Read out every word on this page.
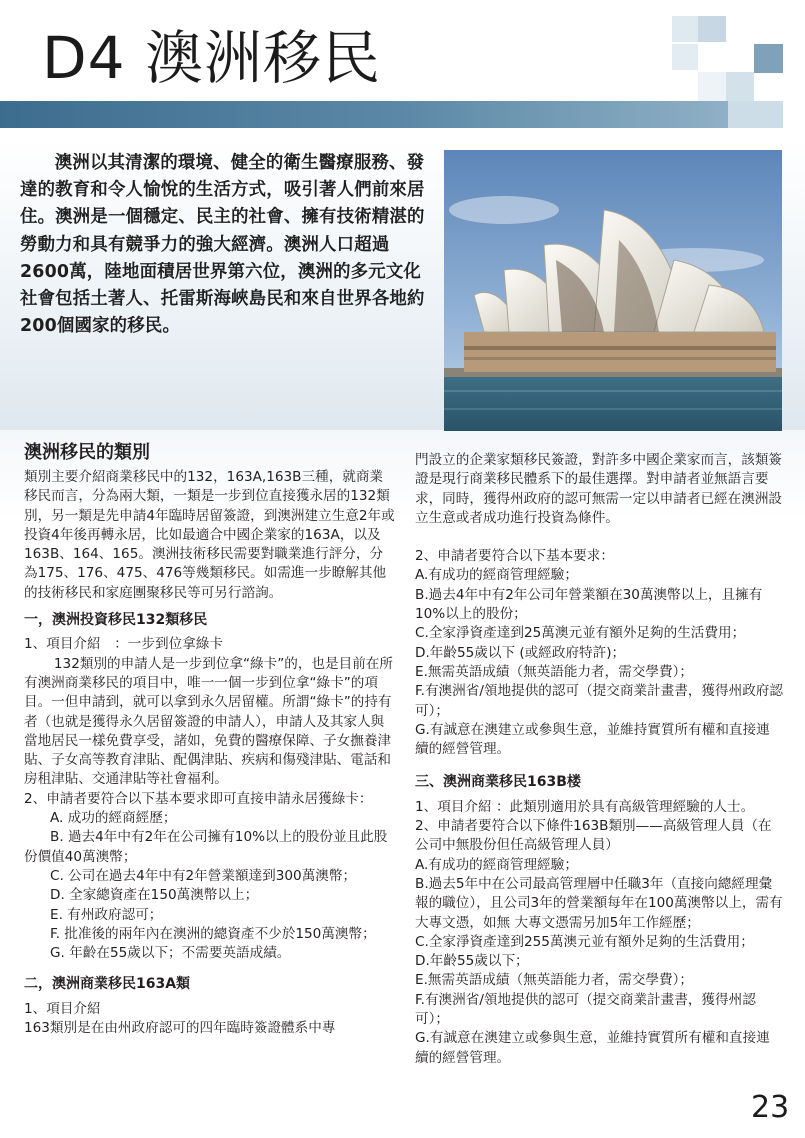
D4 澳洲移民

澳洲以其清潔的環境、健全的衛生醫療服務、發達的教育和令人愉悅的生活方式，吸引著人們前來居住。澳洲是一個穩定、民主的社會、擁有技術精湛的勞動力和具有競爭力的強大經濟。澳洲人口超過2600萬，陸地面積居世界第六位，澳洲的多元文化社會包括土著人、托雷斯海峽島民和來自世界各地約200個國家的移民。

澳洲移民的類別

類別主要介紹商業移民中的132，163A,163B三種，就商業移民而言，分為兩大類，一類是一步到位直接獲永居的132類別，另一類是先申請4年臨時居留簽證，到澳洲建立生意2年或投資4年後再轉永居，比如最適合中國企業家的163A，以及163B、164、165。澳洲技術移民需要對職業進行評分，分為175、176、475、476等幾類移民。如需進一步瞭解其他的技術移民和家庭團聚移民等可另行諮詢。

一，澳洲投資移民132類移民

1、項目介紹　：一步到位拿綠卡

132類別的申請人是一步到位拿“綠卡”的，也是目前在所有澳洲商業移民的項目中，唯一一個一步到位拿“綠卡”的項目。一但申請到，就可以拿到永久居留權。所謂“綠卡”的持有者（也就是獲得永久居留簽證的申請人），申請人及其家人與當地居民一樣免費享受，諸如，免費的醫療保障、子女撫養津貼、子女高等教育津貼、配偶津貼、疾病和傷殘津貼、電話和房租津貼、交通津貼等社會福利。

2、申請者要符合以下基本要求即可直接申請永居獲綠卡：

A. 成功的經商經歷；

B. 過去4年中有2年在公司擁有10%以上的股份並且此股份價值40萬澳幣；

C. 公司在過去4年中有2年營業額達到300萬澳幣；

D. 全家總資產在150萬澳幣以上；

E. 有州政府認可；

F. 批准後的兩年內在澳洲的總資產不少於150萬澳幣；

G. 年齡在55歲以下；不需要英語成績。

二，澳洲商業移民163A類

1、項目介紹

163類別是在由州政府認可的四年臨時簽證體系中專

門設立的企業家類移民簽證，對許多中國企業家而言，該類簽證是現行商業移民體系下的最佳選擇。對申請者並無語言要求，同時，獲得州政府的認可無需一定以申請者已經在澳洲設立生意或者成功進行投資為條件。

2、申請者要符合以下基本要求：

A.有成功的經商管理經驗；

B.過去4年中有2年公司年營業額在30萬澳幣以上，且擁有10%以上的股份；

C.全家淨資產達到25萬澳元並有額外足夠的生活費用；

D.年齡55歲以下 (或經政府特許)；

E.無需英語成績（無英語能力者，需交學費）；

F.有澳洲省/領地提供的認可（提交商業計畫書，獲得州政府認可）；

G.有誠意在澳建立或參與生意，並維持實質所有權和直接連續的經營管理。

三、澳洲商業移民163B楼

1、項目介紹 ：此類別適用於具有高級管理經驗的人士。

2、申請者要符合以下條件163B類別——高級管理人員（在公司中無股份但任高級管理人員）

A.有成功的經商管理經驗；

B.過去5年中在公司最高管理層中任職3年（直接向總經理彙報的職位），且公司3年的營業額每年在100萬澳幣以上，需有大專文憑，如無 大專文憑需另加5年工作經歷；

C.全家淨資產達到255萬澳元並有額外足夠的生活費用；

D.年齡55歲以下；

E.無需英語成績（無英語能力者，需交學費）；

F.有澳洲省/領地提供的認可（提交商業計畫書，獲得州認可）；

G.有誠意在澳建立或參與生意，並維持實質所有權和直接連續的經營管理。

23
